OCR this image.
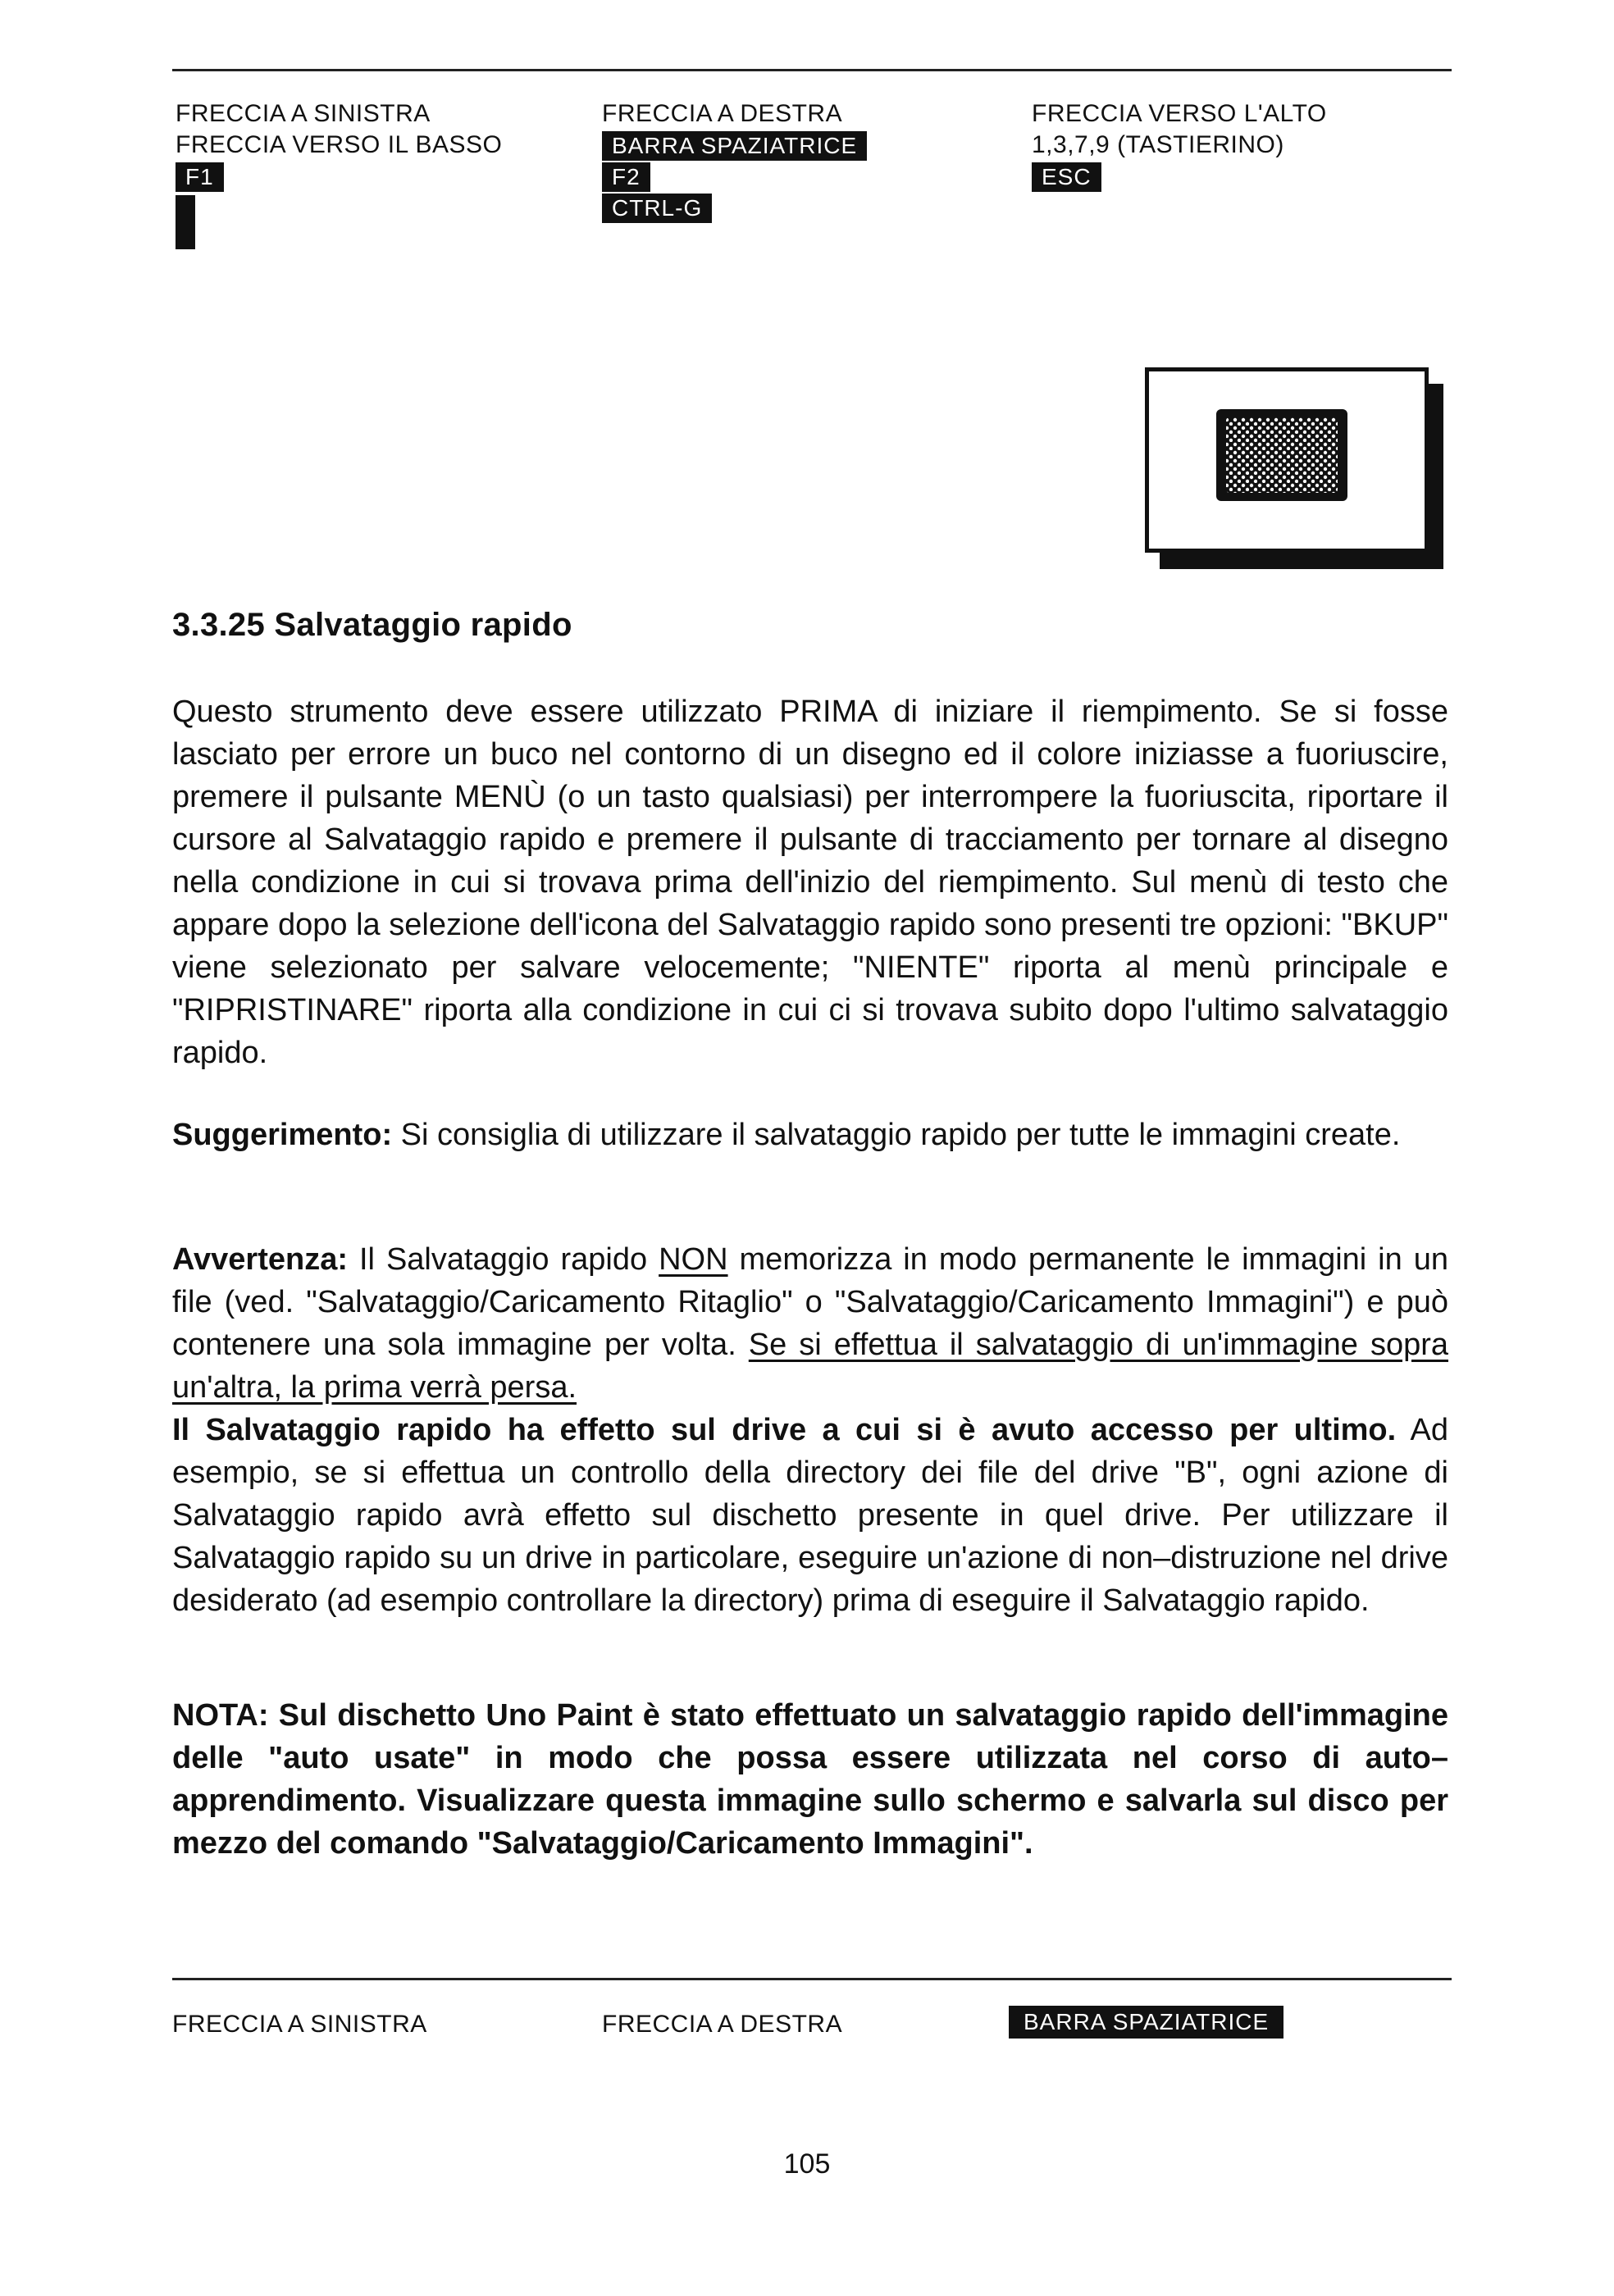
FRECCIA A SINISTRA
FRECCIA VERSO IL BASSO
F1
FRECCIA A DESTRA
BARRA SPAZIATRICE
F2
CTRL-G
FRECCIA VERSO L'ALTO
1,3,7,9 (TASTIERINO)
ESC
3.3.25 Salvataggio rapido
Questo strumento deve essere utilizzato PRIMA di iniziare il riempimento. Se si fosse lasciato per errore un buco nel contorno di un disegno ed il colore iniziasse a fuoriuscire, premere il pulsante MENÙ (o un tasto qualsiasi) per interrompere la fuoriuscita, riportare il cursore al Salvataggio rapido e premere il pulsante di tracciamento per tornare al disegno nella condizione in cui si trovava prima dell'inizio del riempimento. Sul menù di testo che appare dopo la selezione dell'icona del Salvataggio rapido sono presenti tre opzioni: "BKUP" viene selezionato per salvare velocemente; "NIENTE" riporta al menù principale e "RIPRISTINARE" riporta alla condizione in cui ci si trovava subito dopo l'ultimo salvataggio rapido.
Suggerimento: Si consiglia di utilizzare il salvataggio rapido per tutte le immagini create.
Avvertenza: Il Salvataggio rapido NON memorizza in modo permanente le immagini in un file (ved. "Salvataggio/Caricamento Ritaglio" o "Salvataggio/Caricamento Immagini") e può contenere una sola immagine per volta. Se si effettua il salvataggio di un'immagine sopra un'altra, la prima verrà persa.
Il Salvataggio rapido ha effetto sul drive a cui si è avuto accesso per ultimo. Ad esempio, se si effettua un controllo della directory dei file del drive "B", ogni azione di Salvataggio rapido avrà effetto sul dischetto presente in quel drive. Per utilizzare il Salvataggio rapido su un drive in particolare, eseguire un'azione di non–distruzione nel drive desiderato (ad esempio controllare la directory) prima di eseguire il Salvataggio rapido.
NOTA: Sul dischetto Uno Paint è stato effettuato un salvataggio rapido dell'immagine delle "auto usate" in modo che possa essere utilizzata nel corso di auto–apprendimento. Visualizzare questa immagine sullo schermo e salvarla sul disco per mezzo del comando "Salvataggio/Caricamento Immagini".
FRECCIA A SINISTRA	FRECCIA A DESTRA	BARRA SPAZIATRICE
105
